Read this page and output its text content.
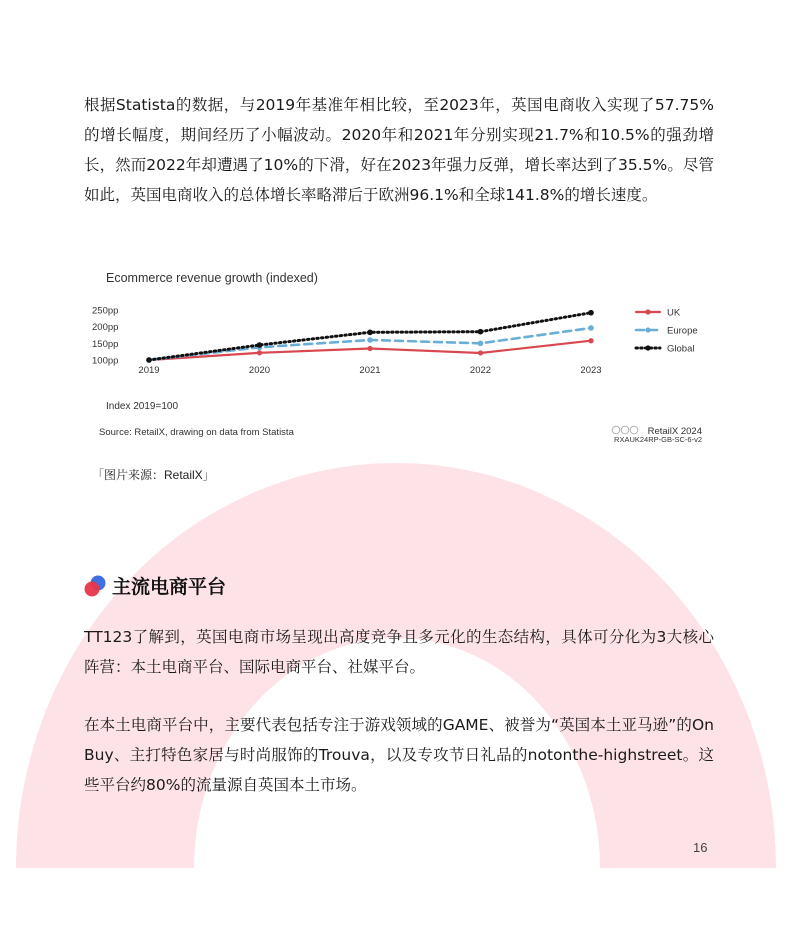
根据Statista的数据，与2019年基准年相比较，至2023年，英国电商收入实现了57.75%的增长幅度，期间经历了小幅波动。2020年和2021年分别实现21.7%和10.5%的强劲增长，然而2022年却遭遇了10%的下滑，好在2023年强力反弹，增长率达到了35.5%。尽管如此，英国电商收入的总体增长率略滞后于欧洲96.1%和全球141.8%的增长速度。

Ecommerce revenue growth (indexed)
100pp
150pp
200pp
250pp
2019	2020	2021	2022	2023
UK
Europe
Global
Index 2019=100
Source: RetailX, drawing on data from Statista	RetailX 2024
RXAUK24RP-GB-SC-6-v2
「图片来源：RetailX」
主流电商平台

TT123了解到，英国电商市场呈现出高度竞争且多元化的生态结构，具体可分化为3大核心阵营：本土电商平台、国际电商平台、社媒平台。

在本土电商平台中，主要代表包括专注于游戏领域的GAME、被誉为“英国本土亚马逊”的OnBuy、主打特色家居与时尚服饰的Trouva，以及专攻节日礼品的notonthe-highstreet。这些平台约80%的流量源自英国本土市场。

16
